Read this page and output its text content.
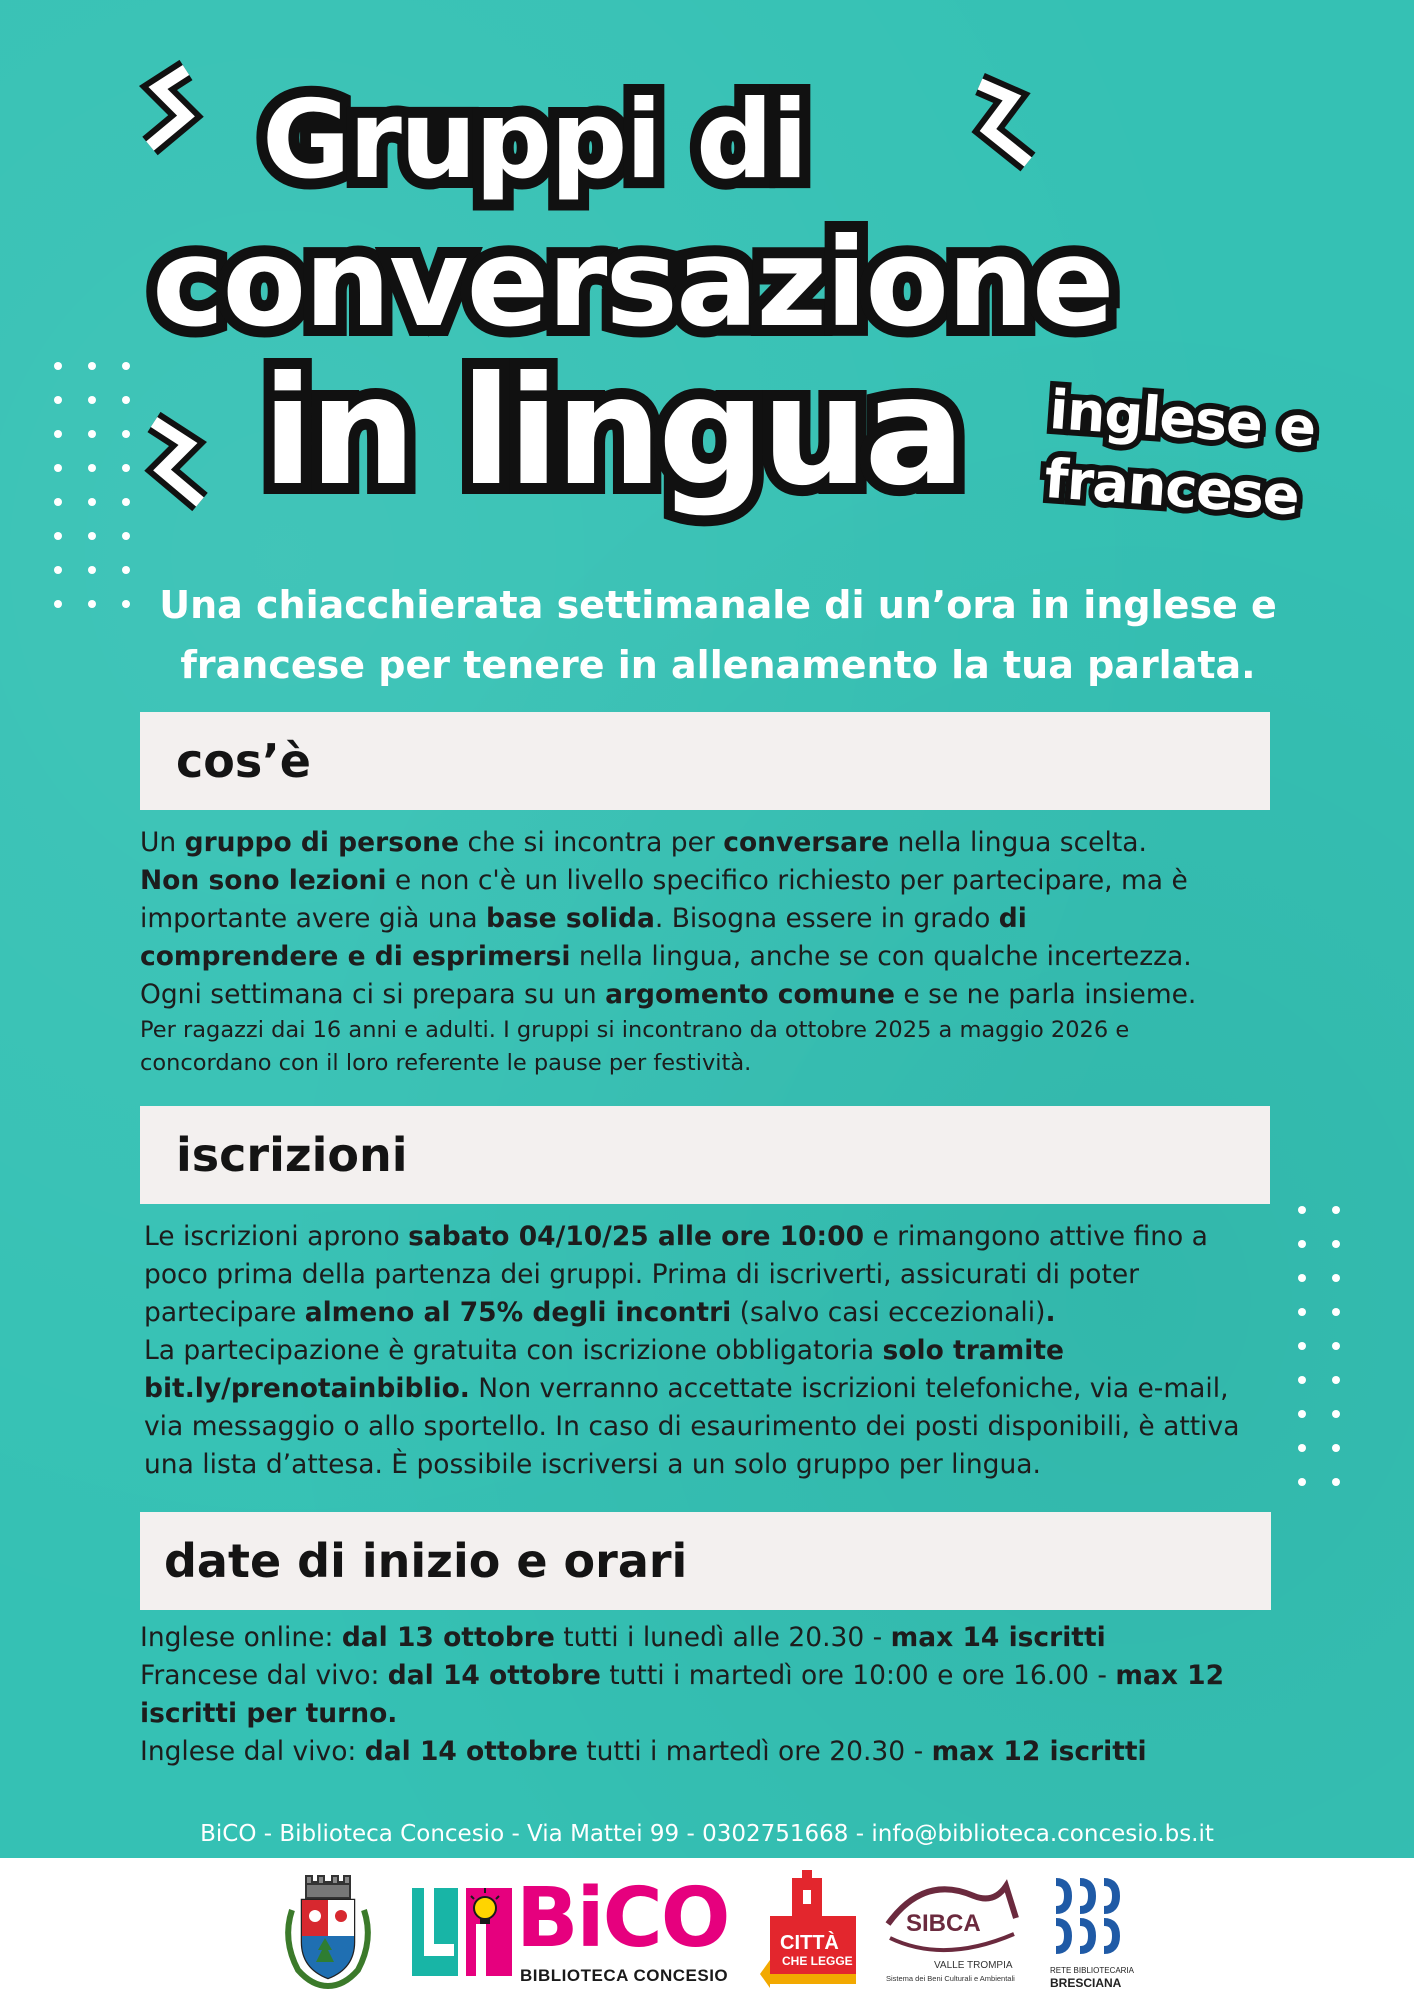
Gruppi di
conversazione
in lingua	inglese e
francese
Una chiacchierata settimanale di un’ora in inglese e
francese per tenere in allenamento la tua parlata.
cos’è
Un gruppo di persone che si incontra per conversare nella lingua scelta.
Non sono lezioni e non c'è un livello specifico richiesto per partecipare, ma è
importante avere già una base solida. Bisogna essere in grado di
comprendere e di esprimersi nella lingua, anche se con qualche incertezza.
Ogni settimana ci si prepara su un argomento comune e se ne parla insieme.
Per ragazzi dai 16 anni e adulti. I gruppi si incontrano da ottobre 2025 a maggio 2026 e
concordano con il loro referente le pause per festività.
iscrizioni
Le iscrizioni aprono sabato 04/10/25 alle ore 10:00 e rimangono attive fino a
poco prima della partenza dei gruppi. Prima di iscriverti, assicurati di poter
partecipare almeno al 75% degli incontri (salvo casi eccezionali).
La partecipazione è gratuita con iscrizione obbligatoria solo tramite
bit.ly/prenotainbiblio. Non verranno accettate iscrizioni telefoniche, via e-mail,
via messaggio o allo sportello. In caso di esaurimento dei posti disponibili, è attiva
una lista d’attesa. È possibile iscriversi a un solo gruppo per lingua.
date di inizio e orari
Inglese online: dal 13 ottobre tutti i lunedì alle 20.30 - max 14 iscritti
Francese dal vivo: dal 14 ottobre tutti i martedì ore 10:00 e ore 16.00 - max 12
iscritti per turno.
Inglese dal vivo: dal 14 ottobre tutti i martedì ore 20.30 - max 12 iscritti
BiCO - Biblioteca Concesio - Via Mattei 99 - 0302751668 - info@biblioteca.concesio.bs.it
BiCO
BIBLIOTECA CONCESIO
CITTÀ
CHE LEGGE
SIBCA
VALLE TROMPIA
Sistema dei Beni Culturali e Ambientali
RETE BIBLIOTECARIA
BRESCIANA
